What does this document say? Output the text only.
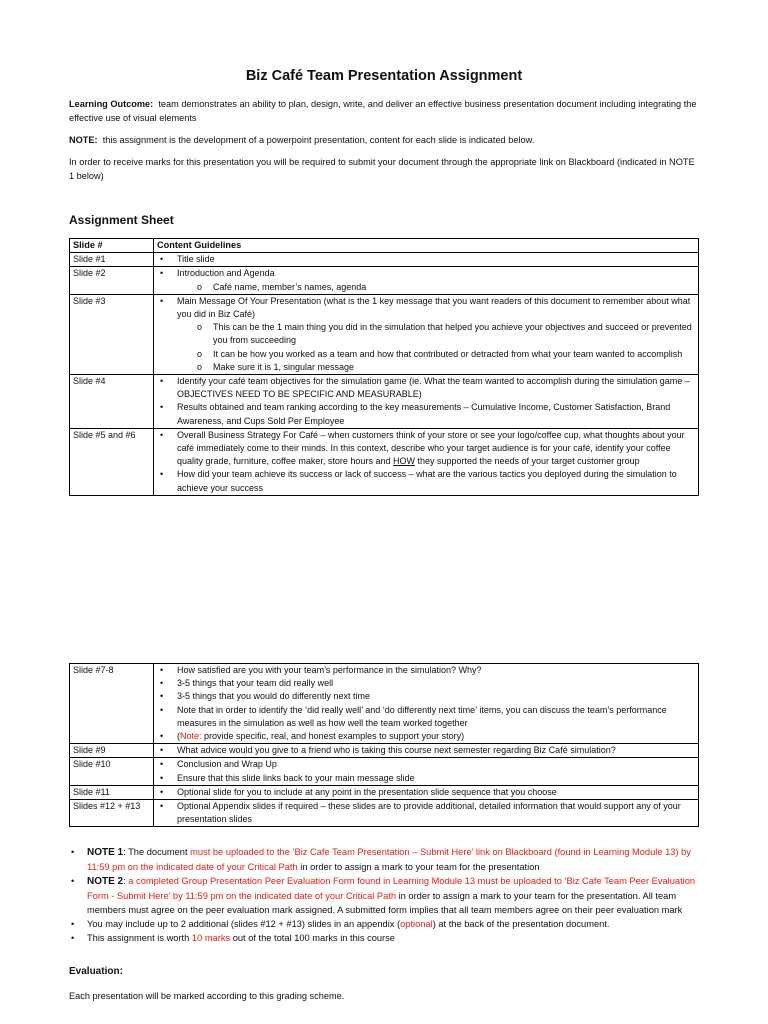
Biz Café Team Presentation Assignment
Learning Outcome: team demonstrates an ability to plan, design, write, and deliver an effective business presentation document including integrating the effective use of visual elements
NOTE: this assignment is the development of a powerpoint presentation, content for each slide is indicated below.
In order to receive marks for this presentation you will be required to submit your document through the appropriate link on Blackboard (indicated in NOTE 1 below)
Assignment Sheet
Slide #	Content Guidelines
Slide #1	• Title slide

Slide #2	• Introduction and Agenda
o Café name, member’s names, agenda

Slide #3	• Main Message Of Your Presentation (what is the 1 key message that you want readers of this document to remember about what you did in Biz Café)
o This can be the 1 main thing you did in the simulation that helped you achieve your objectives and succeed or prevented you from succeeding
o It can be how you worked as a team and how that contributed or detracted from what your team wanted to accomplish
o Make sure it is 1, singular message

Slide #4	• Identify your café team objectives for the simulation game (ie. What the team wanted to accomplish during the simulation game – OBJECTIVES NEED TO BE SPECIFIC AND MEASURABLE)
• Results obtained and team ranking according to the key measurements – Cumulative Income, Customer Satisfaction, Brand Awareness, and Cups Sold Per Employee

Slide #5 and #6	• Overall Business Strategy For Café – when customers think of your store or see your logo/coffee cup, what thoughts about your café immediately come to their minds. In this context, describe who your target audience is for your café, identify your coffee quality grade, furniture, coffee maker, store hours and HOW they supported the needs of your target customer group
• How did your team achieve its success or lack of success – what are the various tactics you deployed during the simulation to achieve your success
Slide #7-8	• How satisfied are you with your team’s performance in the simulation? Why?
• 3-5 things that your team did really well
• 3-5 things that you would do differently next time
• Note that in order to identify the ‘did really well’ and ‘do differently next time’ items, you can discuss the team’s performance measures in the simulation as well as how well the team worked together
• (Note: provide specific, real, and honest examples to support your story)

Slide #9	• What advice would you give to a friend who is taking this course next semester regarding Biz Café simulation?

Slide #10	• Conclusion and Wrap Up
• Ensure that this slide links back to your main message slide

Slide #11	• Optional slide for you to include at any point in the presentation slide sequence that you choose

Slides #12 + #13	• Optional Appendix slides if required – these slides are to provide additional, detailed information that would support any of your presentation slides
• NOTE 1: The document must be uploaded to the ‘Biz Cafe Team Presentation – Submit Here’ link on Blackboard (found in Learning Module 13) by 11:59 pm on the indicated date of your Critical Path in order to assign a mark to your team for the presentation
• NOTE 2: a completed Group Presentation Peer Evaluation Form found in Learning Module 13 must be uploaded to ‘Biz Cafe Team Peer Evaluation Form - Submit Here’ by 11:59 pm on the indicated date of your Critical Path in order to assign a mark to your team for the presentation. All team members must agree on the peer evaluation mark assigned. A submitted form implies that all team members agree on their peer evaluation mark
• You may include up to 2 additional (slides #12 + #13) slides in an appendix (optional) at the back of the presentation document.
• This assignment is worth 10 marks out of the total 100 marks in this course
Evaluation:
Each presentation will be marked according to this grading scheme.
